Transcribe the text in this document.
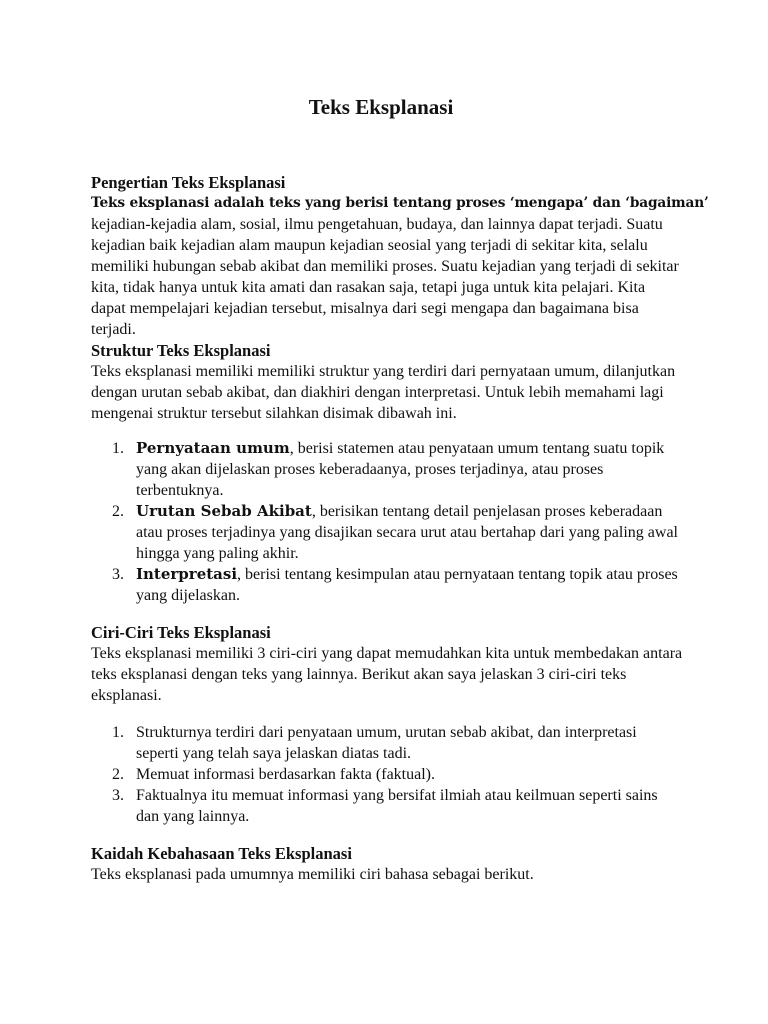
Teks Eksplanasi
Pengertian Teks Eksplanasi

Teks eksplanasi adalah teks yang berisi tentang proses ‘mengapa’ dan ‘bagaiman’

kejadian-kejadia alam, sosial, ilmu pengetahuan, budaya, dan lainnya dapat terjadi. Suatu kejadian baik kejadian alam maupun kejadian seosial yang terjadi di sekitar kita, selalu memiliki hubungan sebab akibat dan memiliki proses. Suatu kejadian yang terjadi di sekitar kita, tidak hanya untuk kita amati dan rasakan saja, tetapi juga untuk kita pelajari. Kita dapat mempelajari kejadian tersebut, misalnya dari segi mengapa dan bagaimana bisa terjadi.

Struktur Teks Eksplanasi

Teks eksplanasi memiliki memiliki struktur yang terdiri dari pernyataan umum, dilanjutkan dengan urutan sebab akibat, dan diakhiri dengan interpretasi. Untuk lebih memahami lagi mengenai struktur tersebut silahkan disimak dibawah ini.

1. Pernyataan umum, berisi statemen atau penyataan umum tentang suatu topik yang akan dijelaskan proses keberadaanya, proses terjadinya, atau proses terbentuknya.
2. Urutan Sebab Akibat, berisikan tentang detail penjelasan proses keberadaan atau proses terjadinya yang disajikan secara urut atau bertahap dari yang paling awal hingga yang paling akhir.
3. Interpretasi, berisi tentang kesimpulan atau pernyataan tentang topik atau proses yang dijelaskan.
Ciri-Ciri Teks Eksplanasi

Teks eksplanasi memiliki 3 ciri-ciri yang dapat memudahkan kita untuk membedakan antara teks eksplanasi dengan teks yang lainnya. Berikut akan saya jelaskan 3 ciri-ciri teks eksplanasi.

1. Strukturnya terdiri dari penyataan umum, urutan sebab akibat, dan interpretasi seperti yang telah saya jelaskan diatas tadi.
2. Memuat informasi berdasarkan fakta (faktual).
3. Faktualnya itu memuat informasi yang bersifat ilmiah atau keilmuan seperti sains dan yang lainnya.
Kaidah Kebahasaan Teks Eksplanasi

Teks eksplanasi pada umumnya memiliki ciri bahasa sebagai berikut.
